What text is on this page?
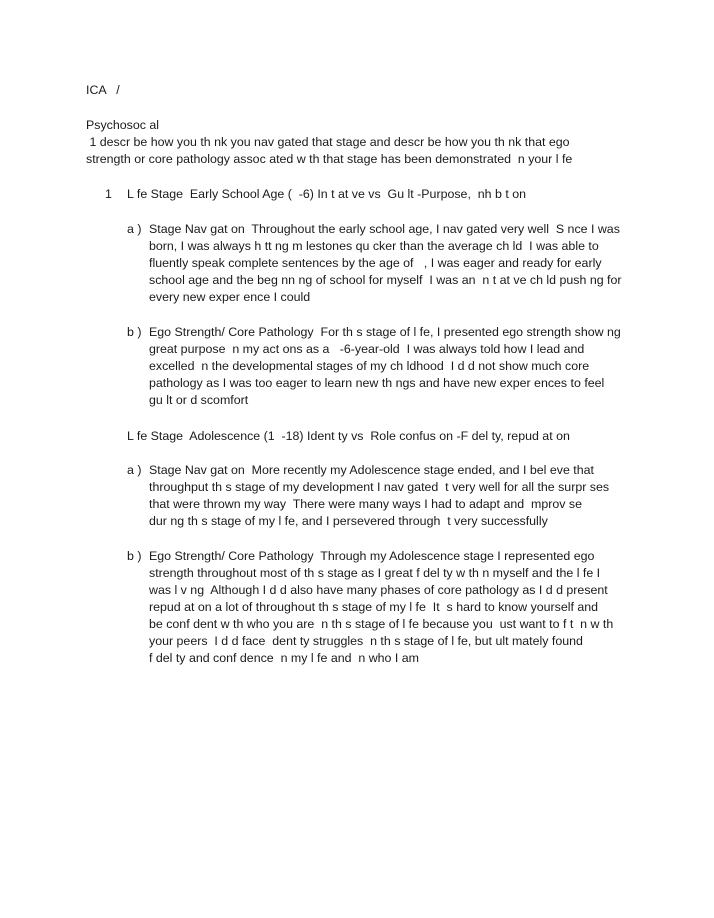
ICA   /
Psychosoc al
1 descr be how you th nk you nav gated that stage and descr be how you th nk that ego
strength or core pathology assoc ated w th that stage has been demonstrated  n your l fe
1 L fe Stage  Early School Age (  -6) In t at ve vs  Gu lt -Purpose,  nh b t on
a ) Stage Nav gat on  Throughout the early school age, I nav gated very well  S nce I was
born, I was always h tt ng m lestones qu cker than the average ch ld  I was able to
fluently speak complete sentences by the age of   , I was eager and ready for early
school age and the beg nn ng of school for myself  I was an  n t at ve ch ld push ng for
every new exper ence I could
b ) Ego Strength/ Core Pathology  For th s stage of l fe, I presented ego strength show ng
great purpose  n my act ons as a   -6-year-old  I was always told how I lead and
excelled  n the developmental stages of my ch ldhood  I d d not show much core
pathology as I was too eager to learn new th ngs and have new exper ences to feel
gu lt or d scomfort
L fe Stage  Adolescence (1  -18) Ident ty vs  Role confus on -F del ty, repud at on
a ) Stage Nav gat on  More recently my Adolescence stage ended, and I bel eve that
throughput th s stage of my development I nav gated  t very well for all the surpr ses
that were thrown my way  There were many ways I had to adapt and  mprov se
dur ng th s stage of my l fe, and I persevered through  t very successfully
b ) Ego Strength/ Core Pathology  Through my Adolescence stage I represented ego
strength throughout most of th s stage as I great f del ty w th n myself and the l fe I
was l v ng  Although I d d also have many phases of core pathology as I d d present
repud at on a lot of throughout th s stage of my l fe  It  s hard to know yourself and
be conf dent w th who you are  n th s stage of l fe because you  ust want to f t  n w th
your peers  I d d face  dent ty struggles  n th s stage of l fe, but ult mately found
f del ty and conf dence  n my l fe and  n who I am
